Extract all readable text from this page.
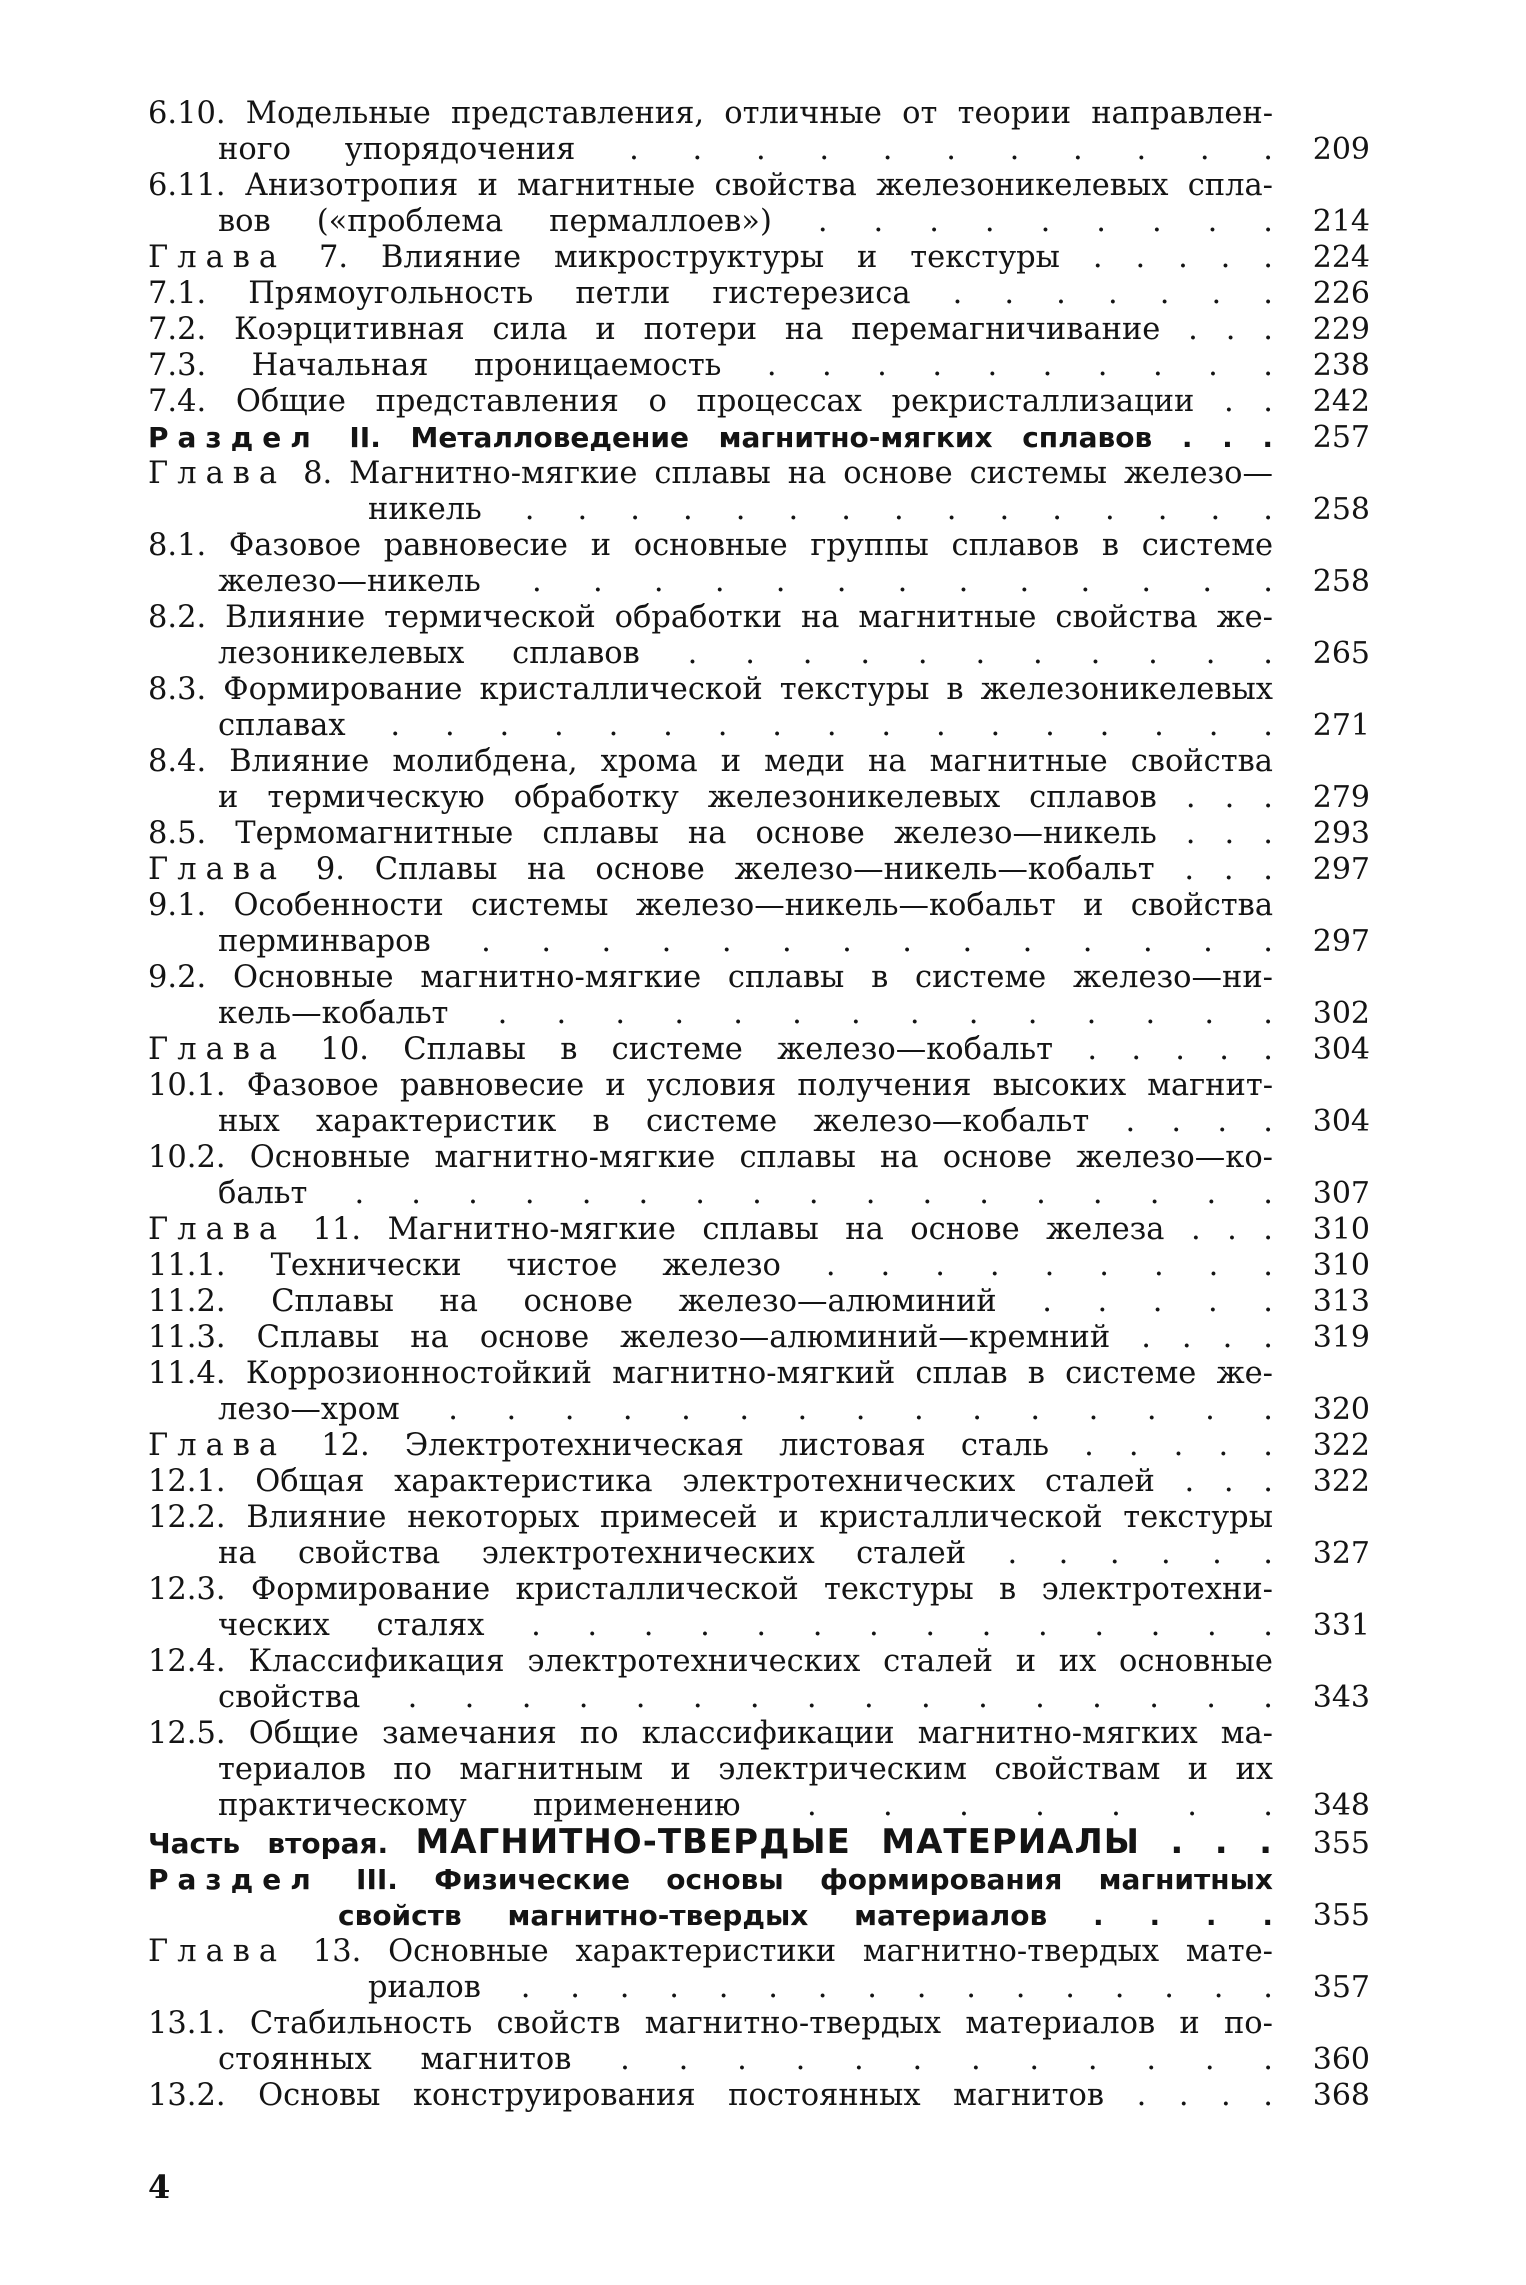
6.10. Модельные представления, отличные от теории направлен-
ного упорядочения . . . . . . . . . . .	209
6.11. Анизотропия и магнитные свойства железоникелевых спла-
вов («проблема пермаллоев») . . . . . . . . .	214
Глава 7. Влияние микроструктуры и текстуры . . . . .	224
7.1. Прямоугольность петли гистерезиса . . . . . . .	226
7.2. Коэрцитивная сила и потери на перемагничивание . . .	229
7.3. Начальная проницаемость . . . . . . . . . .	238
7.4. Общие представления о процессах рекристаллизации . .	242
Раздел II. Металловедение магнитно-мягких сплавов . . .	257
Глава 8. Магнитно-мягкие сплавы на основе системы железо—
никель . . . . . . . . . . . . . . .	258
8.1. Фазовое равновесие и основные группы сплавов в системе
железо—никель . . . . . . . . . . . . .	258
8.2. Влияние термической обработки на магнитные свойства же-
лезоникелевых сплавов . . . . . . . . . . .	265
8.3. Формирование кристаллической текстуры в железоникелевых
сплавах . . . . . . . . . . . . . . . . .	271
8.4. Влияние молибдена, хрома и меди на магнитные свойства
и термическую обработку железоникелевых сплавов . . .	279
8.5. Термомагнитные сплавы на основе железо—никель . . .	293
Глава 9. Сплавы на основе железо—никель—кобальт . . .	297
9.1. Особенности системы железо—никель—кобальт и свойства
перминваров . . . . . . . . . . . . . .	297
9.2. Основные магнитно-мягкие сплавы в системе железо—ни-
кель—кобальт . . . . . . . . . . . . . .	302
Глава 10. Сплавы в системе железо—кобальт . . . . .	304
10.1. Фазовое равновесие и условия получения высоких магнит-
ных характеристик в системе железо—кобальт . . . .	304
10.2. Основные магнитно-мягкие сплавы на основе железо—ко-
бальт . . . . . . . . . . . . . . . . .	307
Глава 11. Магнитно-мягкие сплавы на основе железа . . .	310
11.1. Технически чистое железо . . . . . . . . .	310
11.2. Сплавы на основе железо—алюминий . . . . .	313
11.3. Сплавы на основе железо—алюминий—кремний . . . .	319
11.4. Коррозионностойкий магнитно-мягкий сплав в системе же-
лезо—хром . . . . . . . . . . . . . . .	320
Глава 12. Электротехническая листовая сталь . . . . .	322
12.1. Общая характеристика электротехнических сталей . . .	322
12.2. Влияние некоторых примесей и кристаллической текстуры
на свойства электротехнических сталей . . . . . .	327
12.3. Формирование кристаллической текстуры в электротехни-
ческих сталях . . . . . . . . . . . . . .	331
12.4. Классификация электротехнических сталей и их основные
свойства . . . . . . . . . . . . . . . .	343
12.5. Общие замечания по классификации магнитно-мягких ма-
териалов по магнитным и электрическим свойствам и их
практическому применению . . . . . . .	348
Часть вторая. МАГНИТНО-ТВЕРДЫЕ МАТЕРИАЛЫ . . .	355
Раздел III. Физические основы формирования магнитных
свойств магнитно-твердых материалов . . . .	355
Глава 13. Основные характеристики магнитно-твердых мате-
риалов . . . . . . . . . . . . . . . .	357
13.1. Стабильность свойств магнитно-твердых материалов и по-
стоянных магнитов . . . . . . . . . . . .	360
13.2. Основы конструирования постоянных магнитов . . . .	368
4
